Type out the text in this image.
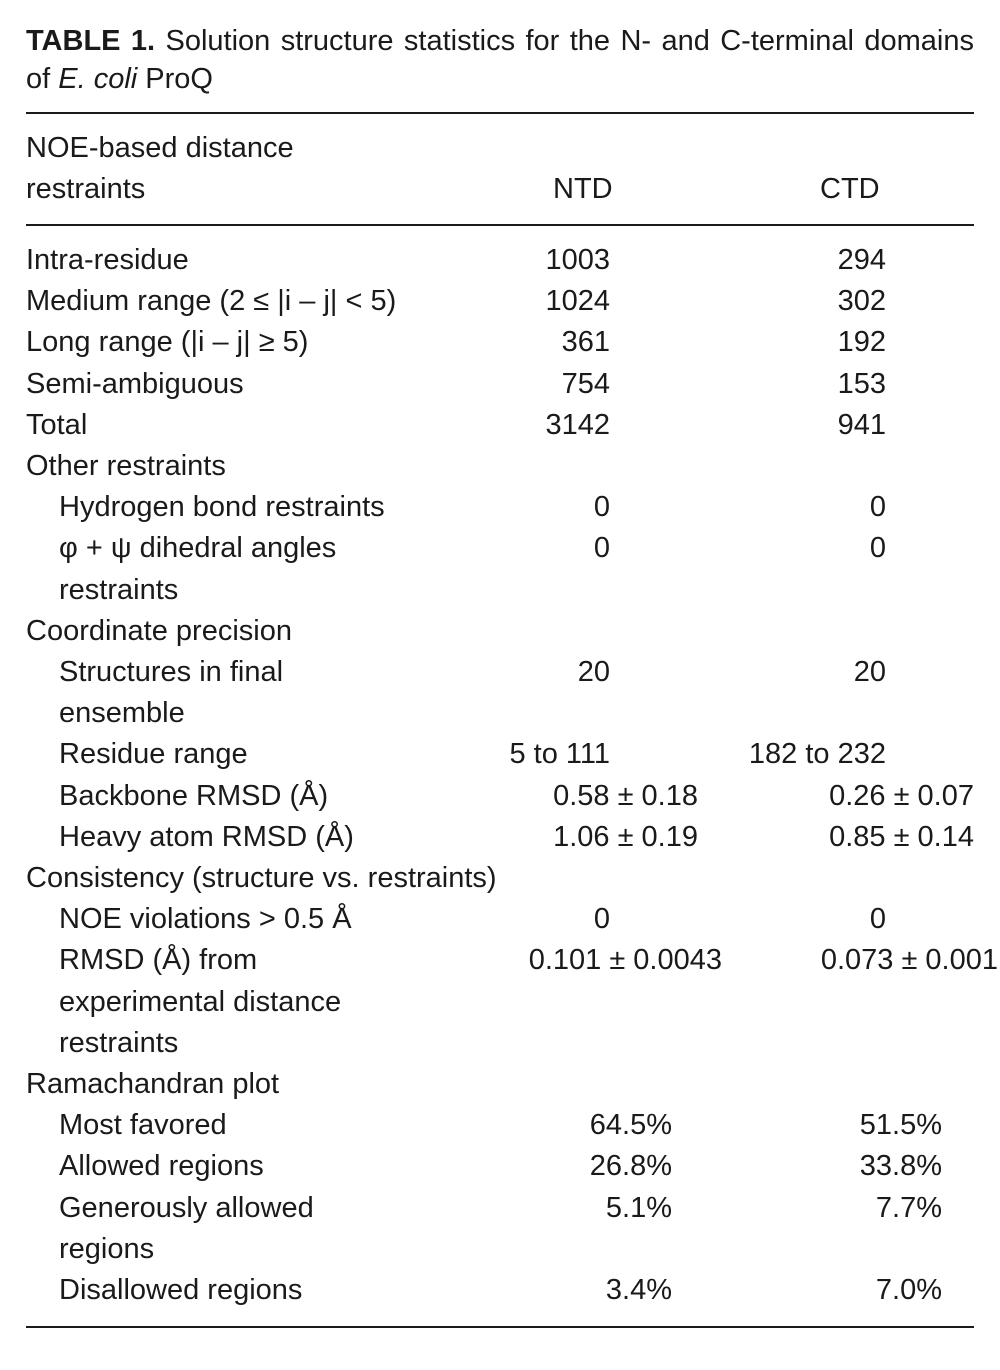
TABLE 1. Solution structure statistics for the N- and C-terminal domains of E. coli ProQ
NOE-based distance
restraints	NTD	CTD
Intra-residue	1003	294
Medium range (2 ≤ |i – j| < 5)	1024	302
Long range (|i – j| ≥ 5)	361	192
Semi-ambiguous	754	153
Total	3142	941
Other restraints		
Hydrogen bond restraints	0	0

φ + ψ dihedral angles
restraints	0	0
Coordinate precision		

Structures in final
ensemble	20	20
Residue range	5 to 111	182 to 232
Backbone RMSD (Å)	0.58 ± 0.18	0.26 ± 0.07
Heavy atom RMSD (Å)	1.06 ± 0.19	0.85 ± 0.14
Consistency (structure vs. restraints)		
NOE violations > 0.5 Å	0	0

RMSD (Å) from
experimental distance
restraints	0.101 ± 0.0043	0.073 ± 0.001
Ramachandran plot		
Most favored	64.5%	51.5%
Allowed regions	26.8%	33.8%

Generously allowed
regions	5.1%	7.7%
Disallowed regions	3.4%	7.0%
